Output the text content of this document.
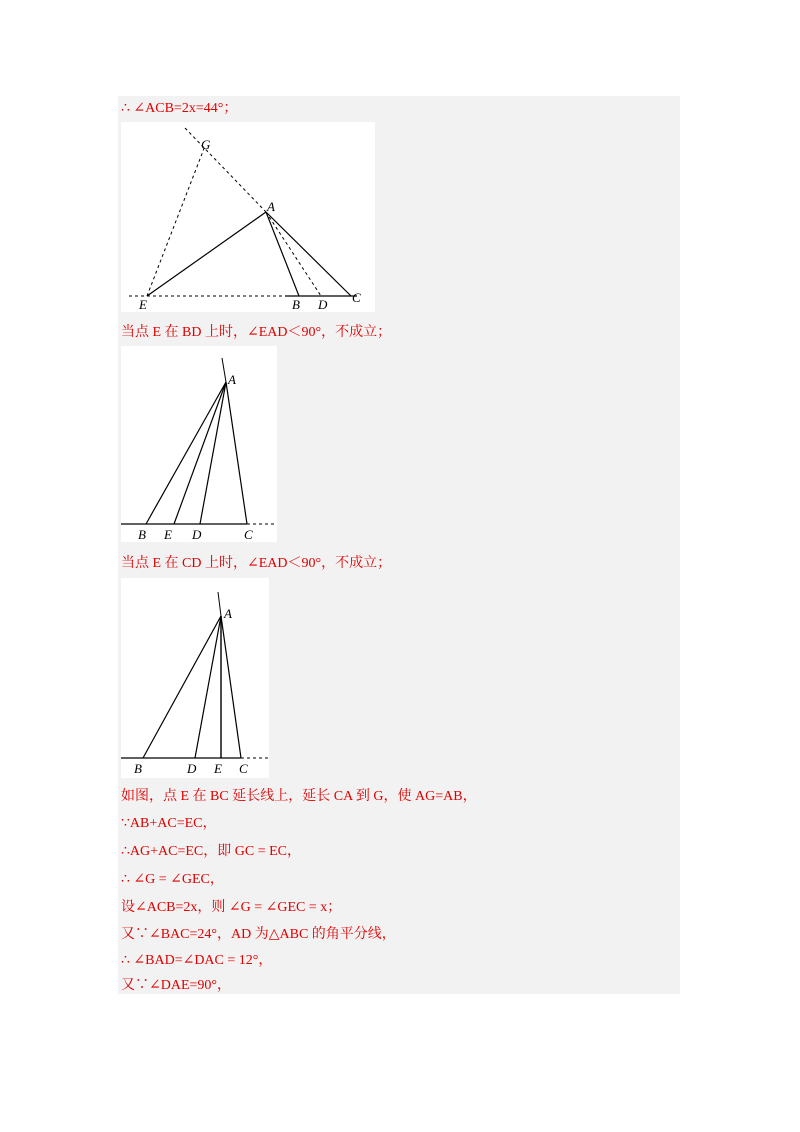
∴ ∠ACB=2x=44°；
G
A
E	B D C
当点 E 在 BD 上时，∠EAD＜90°，不成立；
A
B E D	C
当点 E 在 CD 上时，∠EAD＜90°，不成立；
A
B	D E C
如图，点 E 在 BC 延长线上，延长 CA 到 G，使 AG=AB，
∵AB+AC=EC，
∴AG+AC=EC，即 GC = EC，
∴ ∠G = ∠GEC，
设∠ACB=2x，则 ∠G = ∠GEC = x；
又∵∠BAC=24°，AD 为△ABC 的角平分线，
∴ ∠BAD=∠DAC = 12°，
又∵∠DAE=90°，
